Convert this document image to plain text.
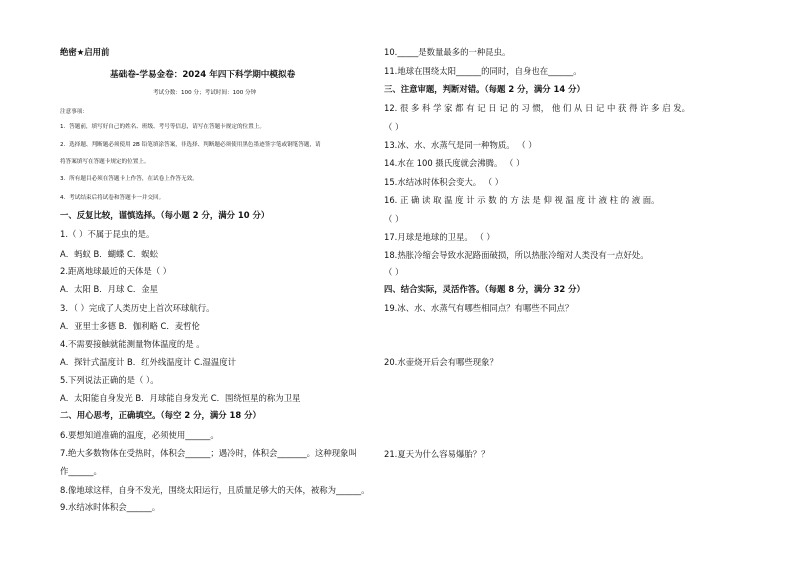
绝密★启用前
基础卷-学易金卷：2024 年四下科学期中模拟卷
考试分数：100 分；考试时间：100 分钟
注意事项：
1．答题前，填写好自己的姓名、班级、考号等信息，请写在答题卡规定的位置上。
2．选择题、判断题必须使用 2B 铅笔填涂答案，非选择、判断题必须使用黑色墨迹签字笔或钢笔答题，请
将答案填写在答题卡规定的位置上。
3．所有题目必须在答题卡上作答，在试卷上作答无效。
4．考试结束后将试卷和答题卡一并交回。
一、反复比较，谨慎选择。（每小题 2 分，满分 10 分）
1.（ ）不属于昆虫的是。
A．蚂蚁 B．蝴蝶 C．蜈蚣
2.距离地球最近的天体是（ ）
A．太阳 B．月球 C．金星
3．（ ）完成了人类历史上首次环球航行。
A．亚里士多德 B．伽利略 C．麦哲伦
4.不需要接触就能测量物体温度的是 。
A．探针式温度计 B．红外线温度计 C.湿温度计
5.下列说法正确的是（ ）。
A．太阳能自身发光 B．月球能自身发光 C．围绕恒星的称为卫星
二、用心思考，正确填空。（每空 2 分，满分 18 分）
6.要想知道准确的温度，必须使用______。
7.绝大多数物体在受热时，体积会______；遇冷时，体积会_______。这种现象叫
作______。
8.像地球这样，自身不发光，围绕太阳运行，且质量足够大的天体，被称为______。
9.水结冰时体积会______。
10._____是数量最多的一种昆虫。
11.地球在围绕太阳______的同时，自身也在______。
三、注意审题，判断对错。（每题 2 分，满分 14 分）
12. 很 多 科 学 家 都 有 记 日 记 的 习 惯， 他 们 从 日 记 中 获 得 许 多 启 发。
（ ）
13.冰、水、水蒸气是同一种物质。 （ ）
14.水在 100 摄氏度就会沸腾。 （ ）
15.水结冰时体积会变大。 （ ）
16. 正 确 读 取 温 度 计 示 数 的 方 法 是 仰 视 温 度 计 液 柱 的 液 面。
（ ）
17.月球是地球的卫星。 （ ）
18.热胀冷缩会导致水泥路面破损，所以热胀冷缩对人类没有一点好处。
（ ）
四、结合实际，灵活作答。（每题 8 分，满分 32 分）
19.冰、水、水蒸气有哪些相同点？有哪些不同点？
20.水壶烧开后会有哪些现象？
21.夏天为什么容易爆胎？？
